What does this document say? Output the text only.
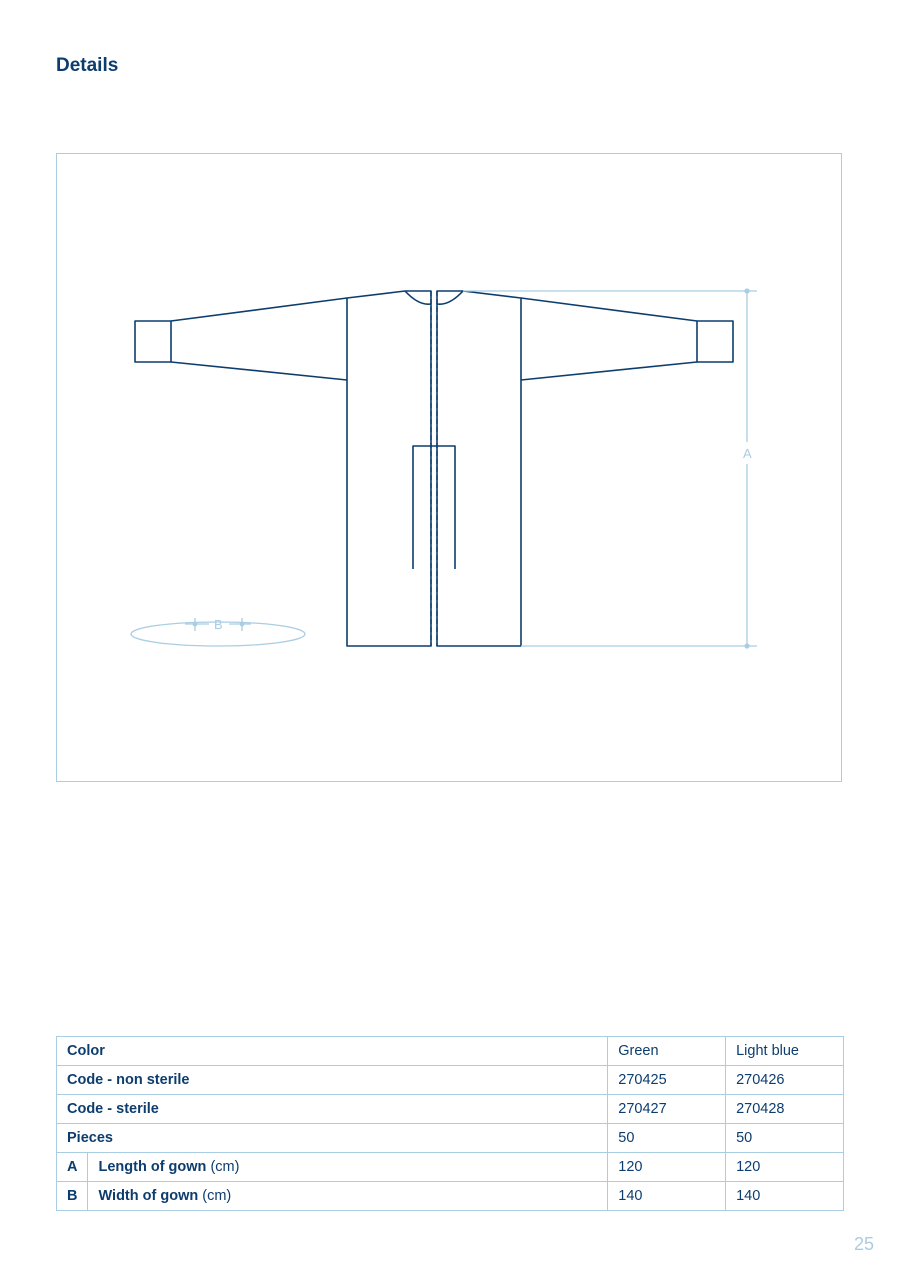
Details
A
B
Color		Green	Light blue
Code - non sterile		270425	270426
Code - sterile		270427	270428
Pieces		50	50
A	Length of gown (cm)	120	120
B	Width of gown (cm)	140	140
25
